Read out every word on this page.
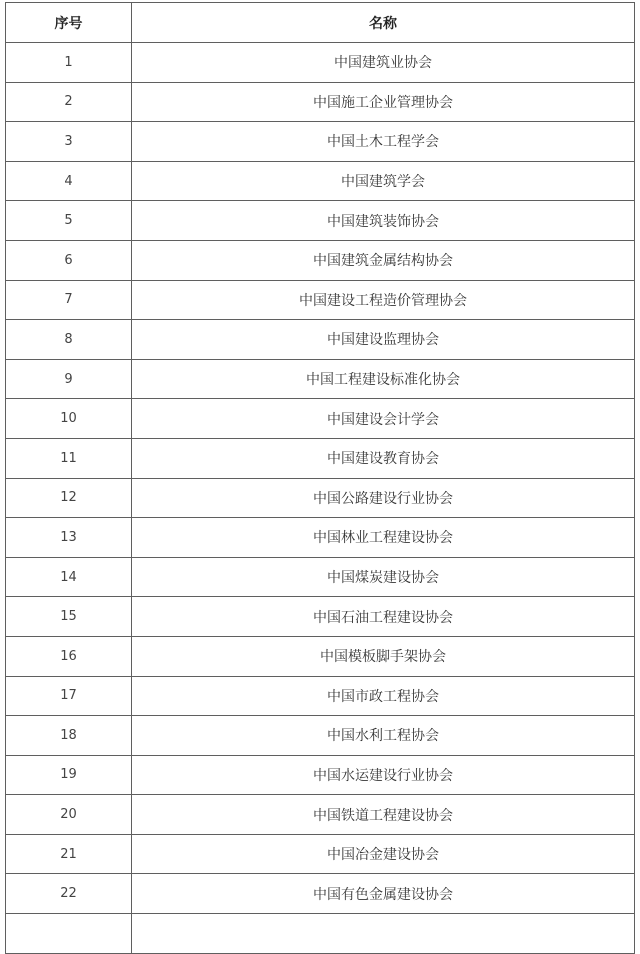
序号	名称
1	中国建筑业协会
2	中国施工企业管理协会
3	中国土木工程学会
4	中国建筑学会
5	中国建筑装饰协会
6	中国建筑金属结构协会
7	中国建设工程造价管理协会
8	中国建设监理协会
9	中国工程建设标准化协会
10	中国建设会计学会
11	中国建设教育协会
12	中国公路建设行业协会
13	中国林业工程建设协会
14	中国煤炭建设协会
15	中国石油工程建设协会
16	中国模板脚手架协会
17	中国市政工程协会
18	中国水利工程协会
19	中国水运建设行业协会
20	中国铁道工程建设协会
21	中国冶金建设协会
22	中国有色金属建设协会
